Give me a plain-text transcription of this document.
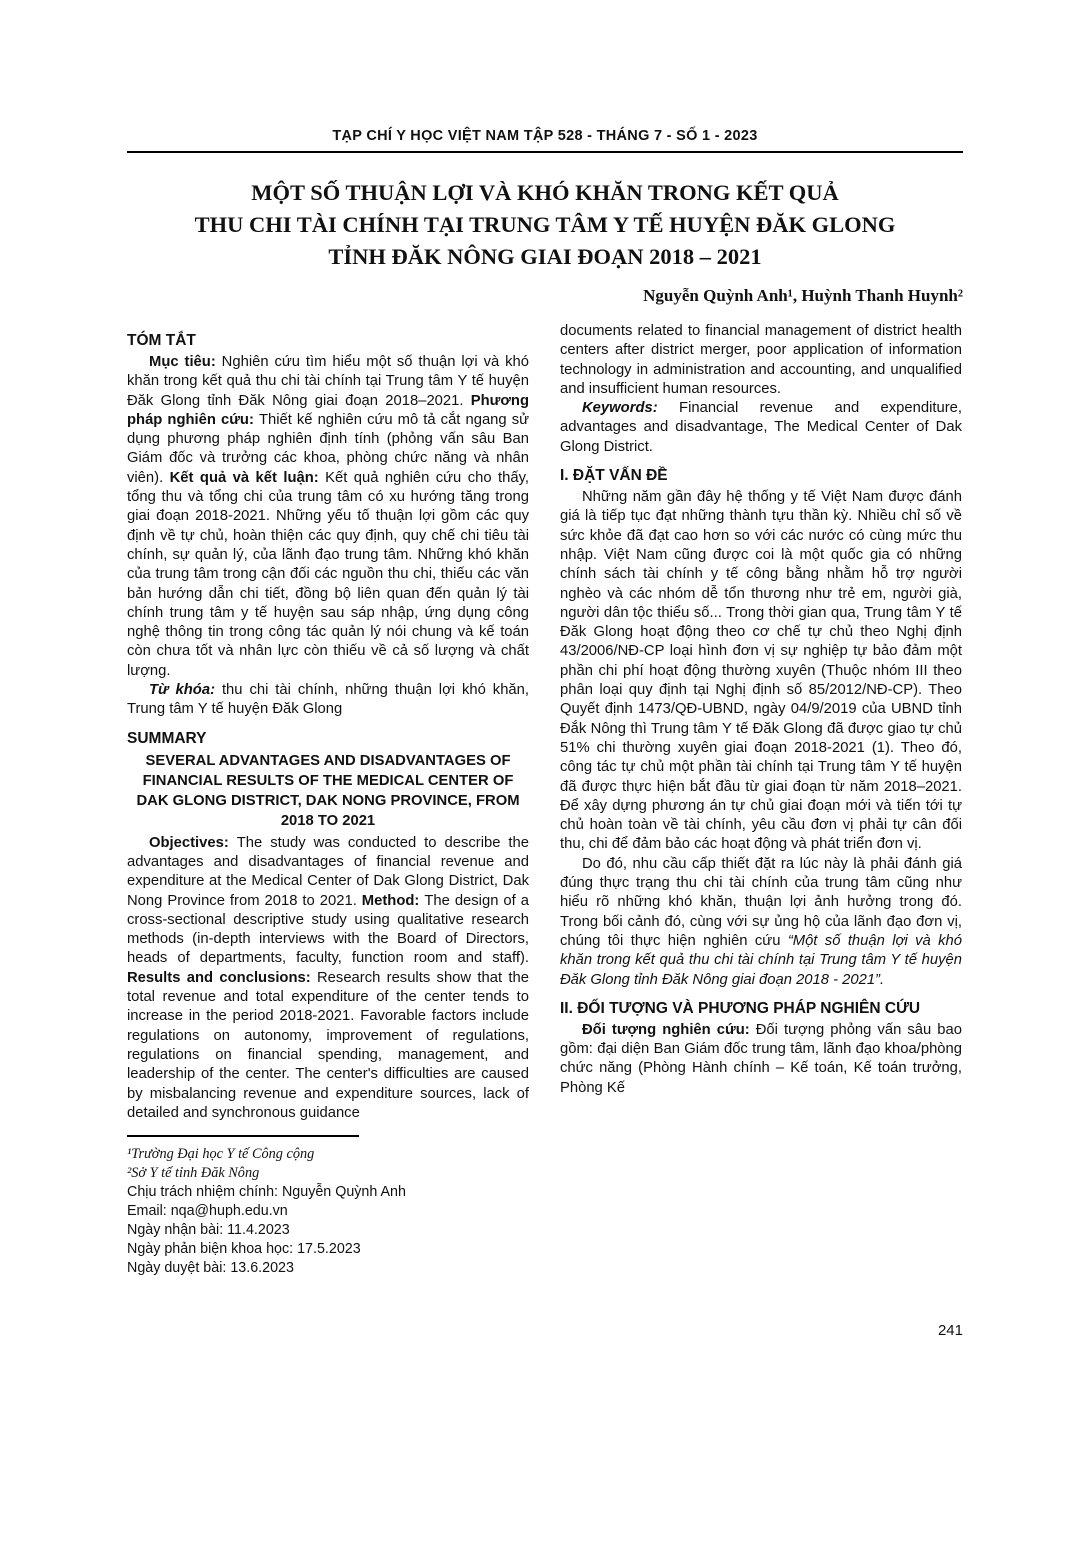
TẠP CHÍ Y HỌC VIỆT NAM TẬP 528 - THÁNG 7 - SỐ 1 - 2023
MỘT SỐ THUẬN LỢI VÀ KHÓ KHĂN TRONG KẾT QUẢ
THU CHI TÀI CHÍNH TẠI TRUNG TÂM Y TẾ HUYỆN ĐĂK GLONG
TỈNH ĐĂK NÔNG GIAI ĐOẠN 2018 – 2021
Nguyễn Quỳnh Anh¹, Huỳnh Thanh Huynh²
TÓM TẮT

Mục tiêu: Nghiên cứu tìm hiểu một số thuận lợi và khó khăn trong kết quả thu chi tài chính tại Trung tâm Y tế huyện Đăk Glong tỉnh Đăk Nông giai đoạn 2018–2021. Phương pháp nghiên cứu: Thiết kế nghiên cứu mô tả cắt ngang sử dụng phương pháp nghiên định tính (phỏng vấn sâu Ban Giám đốc và trưởng các khoa, phòng chức năng và nhân viên). Kết quả và kết luận: Kết quả nghiên cứu cho thấy, tổng thu và tổng chi của trung tâm có xu hướng tăng trong giai đoạn 2018-2021. Những yếu tố thuận lợi gồm các quy định về tự chủ, hoàn thiện các quy định, quy chế chi tiêu tài chính, sự quản lý, của lãnh đạo trung tâm. Những khó khăn của trung tâm trong cận đối các nguồn thu chi, thiếu các văn bản hướng dẫn chi tiết, đồng bộ liên quan đến quản lý tài chính trung tâm y tế huyện sau sáp nhập, ứng dụng công nghệ thông tin trong công tác quản lý nói chung và kế toán còn chưa tốt và nhân lực còn thiếu về cả số lượng và chất lượng.

Từ khóa: thu chi tài chính, những thuận lợi khó khăn, Trung tâm Y tế huyện Đăk Glong

SUMMARY
SEVERAL ADVANTAGES AND DISADVANTAGES OF FINANCIAL RESULTS OF THE MEDICAL CENTER OF DAK GLONG DISTRICT, DAK NONG PROVINCE, FROM 2018 TO 2021

Objectives: The study was conducted to describe the advantages and disadvantages of financial revenue and expenditure at the Medical Center of Dak Glong District, Dak Nong Province from 2018 to 2021. Method: The design of a cross-sectional descriptive study using qualitative research methods (in-depth interviews with the Board of Directors, heads of departments, faculty, function room and staff). Results and conclusions: Research results show that the total revenue and total expenditure of the center tends to increase in the period 2018-2021. Favorable factors include regulations on autonomy, improvement of regulations, regulations on financial spending, management, and leadership of the center. The center's difficulties are caused by misbalancing revenue and expenditure sources, lack of detailed and synchronous guidance

¹Trường Đại học Y tế Công cộng
²Sở Y tế tỉnh Đăk Nông
Chịu trách nhiệm chính: Nguyễn Quỳnh Anh
Email: nqa@huph.edu.vn
Ngày nhận bài: 11.4.2023
Ngày phản biện khoa học: 17.5.2023
Ngày duyệt bài: 13.6.2023

documents related to financial management of district health centers after district merger, poor application of information technology in administration and accounting, and unqualified and insufficient human resources.

Keywords: Financial revenue and expenditure, advantages and disadvantage, The Medical Center of Dak Glong District.

I. ĐẶT VẤN ĐỀ

Những năm gần đây hệ thống y tế Việt Nam được đánh giá là tiếp tục đạt những thành tựu thần kỳ. Nhiều chỉ số về sức khỏe đã đạt cao hơn so với các nước có cùng mức thu nhập. Việt Nam cũng được coi là một quốc gia có những chính sách tài chính y tế công bằng nhằm hỗ trợ người nghèo và các nhóm dễ tổn thương như trẻ em, người già, người dân tộc thiểu số... Trong thời gian qua, Trung tâm Y tế Đăk Glong hoạt động theo cơ chế tự chủ theo Nghị định 43/2006/NĐ-CP loại hình đơn vị sự nghiệp tự bảo đảm một phần chi phí hoạt động thường xuyên (Thuộc nhóm III theo phân loại quy định tại Nghị định số 85/2012/NĐ-CP). Theo Quyết định 1473/QĐ-UBND, ngày 04/9/2019 của UBND tỉnh Đắk Nông thì Trung tâm Y tế Đăk Glong đã được giao tự chủ 51% chi thường xuyên giai đoạn 2018-2021 (1). Theo đó, công tác tự chủ một phần tài chính tại Trung tâm Y tế huyện đã được thực hiện bắt đầu từ giai đoạn từ năm 2018–2021. Để xây dựng phương án tự chủ giai đoạn mới và tiến tới tự chủ hoàn toàn về tài chính, yêu cầu đơn vị phải tự cân đối thu, chi để đảm bảo các hoạt động và phát triển đơn vị.

Do đó, nhu cầu cấp thiết đặt ra lúc này là phải đánh giá đúng thực trạng thu chi tài chính của trung tâm cũng như hiểu rõ những khó khăn, thuận lợi ảnh hưởng trong đó. Trong bối cảnh đó, cùng với sự ủng hộ của lãnh đạo đơn vị, chúng tôi thực hiện nghiên cứu “Một số thuận lợi và khó khăn trong kết quả thu chi tài chính tại Trung tâm Y tế huyện Đăk Glong tỉnh Đăk Nông giai đoạn 2018 - 2021”.

II. ĐỐI TƯỢNG VÀ PHƯƠNG PHÁP NGHIÊN CỨU

Đối tượng nghiên cứu: Đối tượng phỏng vấn sâu bao gồm: đại diện Ban Giám đốc trung tâm, lãnh đạo khoa/phòng chức năng (Phòng Hành chính – Kế toán, Kế toán trưởng, Phòng Kế

241
